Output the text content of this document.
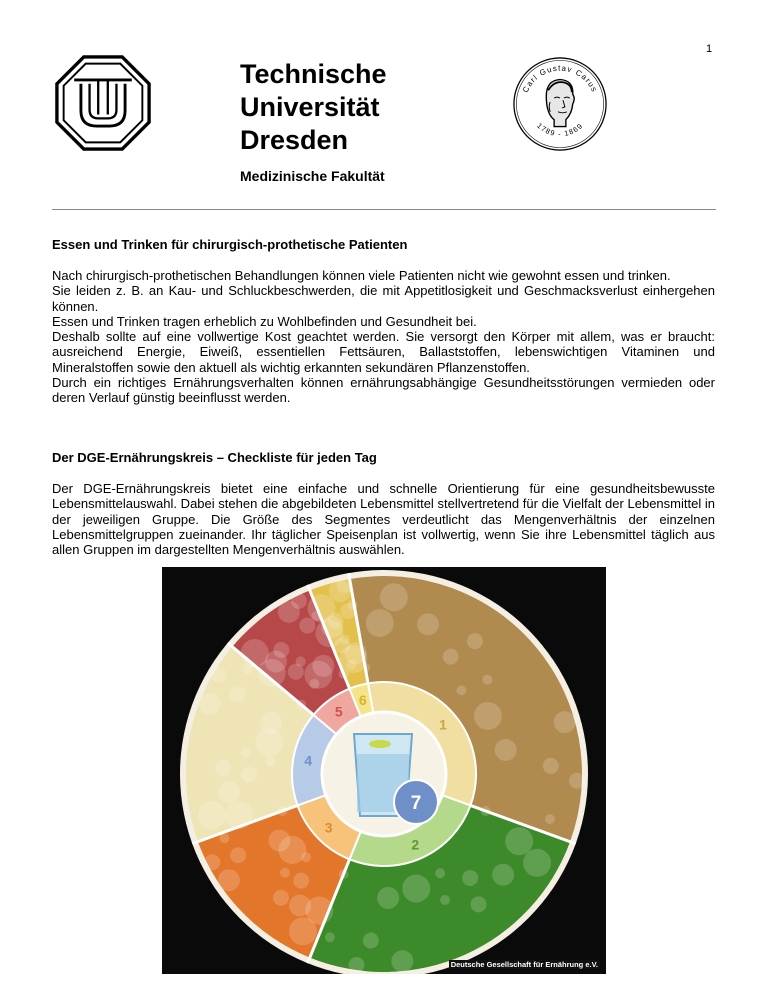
1
Technische
Universität
Dresden
Medizinische Fakultät
Carl Gustav Carus
1789 - 1869
Essen und Trinken für chirurgisch-prothetische Patienten

Nach chirurgisch-prothetischen Behandlungen können viele Patienten nicht wie gewohnt essen und trinken.

Sie leiden z. B. an Kau- und Schluckbeschwerden, die mit Appetitlosigkeit und Geschmacksverlust einhergehen können.

Essen und Trinken tragen erheblich zu Wohlbefinden und Gesundheit bei.

Deshalb sollte auf eine vollwertige Kost geachtet werden. Sie versorgt den Körper mit allem, was er braucht: ausreichend Energie, Eiweiß, essentiellen Fettsäuren, Ballaststoffen, lebenswichtigen Vitaminen und Mineralstoffen sowie den aktuell als wichtig erkannten sekundären Pflanzenstoffen.

Durch ein richtiges Ernährungsverhalten können ernährungsabhängige Gesundheitsstörungen vermieden oder deren Verlauf günstig beeinflusst werden.

Der DGE-Ernährungskreis – Checkliste für jeden Tag

Der DGE-Ernährungskreis bietet eine einfache und schnelle Orientierung für eine gesundheitsbewusste Lebensmittelauswahl. Dabei stehen die abgebildeten Lebensmittel stellvertretend für die Vielfalt der Lebensmittel in der jeweiligen Gruppe. Die Größe des Segmentes verdeutlicht das Mengenverhältnis der einzelnen Lebensmittelgruppen zueinander. Ihr täglicher Speisenplan ist vollwertig, wenn Sie ihre Lebensmittel täglich aus allen Gruppen im dargestellten Mengenverhältnis auswählen.

1
2
3
4
5
6
7
Deutsche Gesellschaft für Ernährung e.V.
